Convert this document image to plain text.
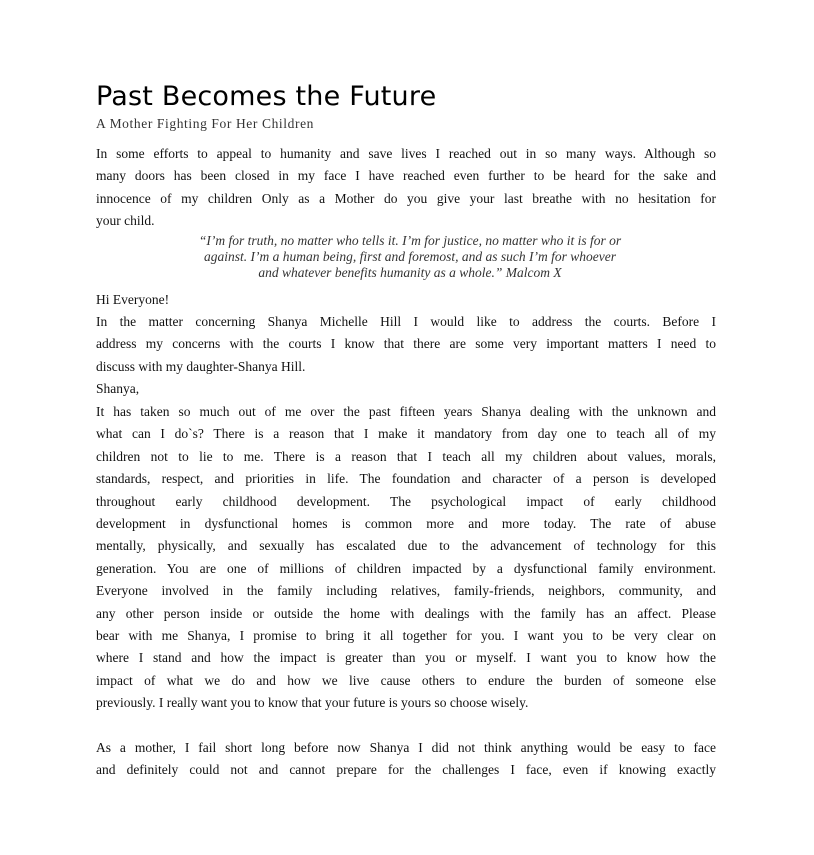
Past Becomes the Future
A Mother Fighting For Her Children
In some efforts to appeal to humanity and save lives I reached out in so many ways. Although so
many doors has been closed in my face I have reached even further to be heard for the sake and
innocence of my children Only as a Mother do you give your last breathe with no hesitation for
your child.
“I’m for truth, no matter who tells it. I’m for justice, no matter who it is for or
against. I’m a human being, first and foremost, and as such I’m for whoever
and whatever benefits humanity as a whole.” Malcom X
Hi Everyone!
In the matter concerning Shanya Michelle Hill I would like to address the courts. Before I
address my concerns with the courts I know that there are some very important matters I need to
discuss with my daughter-Shanya Hill.
Shanya,
It has taken so much out of me over the past fifteen years Shanya dealing with the unknown and
what can I do`s? There is a reason that I make it mandatory from day one to teach all of my
children not to lie to me. There is a reason that I teach all my children about values, morals,
standards, respect, and priorities in life. The foundation and character of a person is developed
throughout early childhood development. The psychological impact of early childhood
development in dysfunctional homes is common more and more today. The rate of abuse
mentally, physically, and sexually has escalated due to the advancement of technology for this
generation. You are one of millions of children impacted by a dysfunctional family environment.
Everyone involved in the family including relatives, family-friends, neighbors, community, and
any other person inside or outside the home with dealings with the family has an affect. Please
bear with me Shanya, I promise to bring it all together for you. I want you to be very clear on
where I stand and how the impact is greater than you or myself. I want you to know how the
impact of what we do and how we live cause others to endure the burden of someone else
previously. I really want you to know that your future is yours so choose wisely.
As a mother, I fail short long before now Shanya I did not think anything would be easy to face
and definitely could not and cannot prepare for the challenges I face, even if knowing exactly
